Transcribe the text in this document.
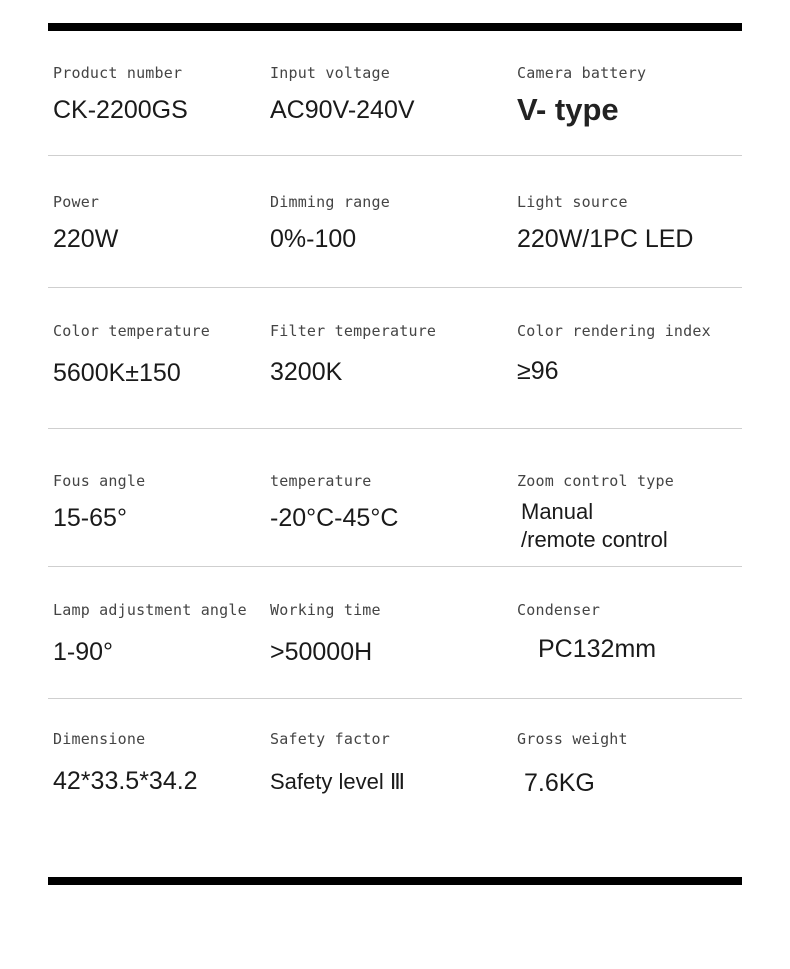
Product number
CK-2200GS
Input voltage
AC90V-240V
Camera battery
V- type
Power
220W
Dimming range
0%-100
Light source
220W/1PC LED
Color temperature
5600K±150
Filter temperature
3200K
Color rendering index
≥96
Fous angle
15-65°
temperature
-20°C-45°C
Zoom control type
Manual
/remote control
Lamp adjustment angle
1-90°
Working time
>50000H
Condenser
PC132mm
Dimensione
42*33.5*34.2
Safety factor
Safety level Ⅲ
Gross weight
7.6KG
